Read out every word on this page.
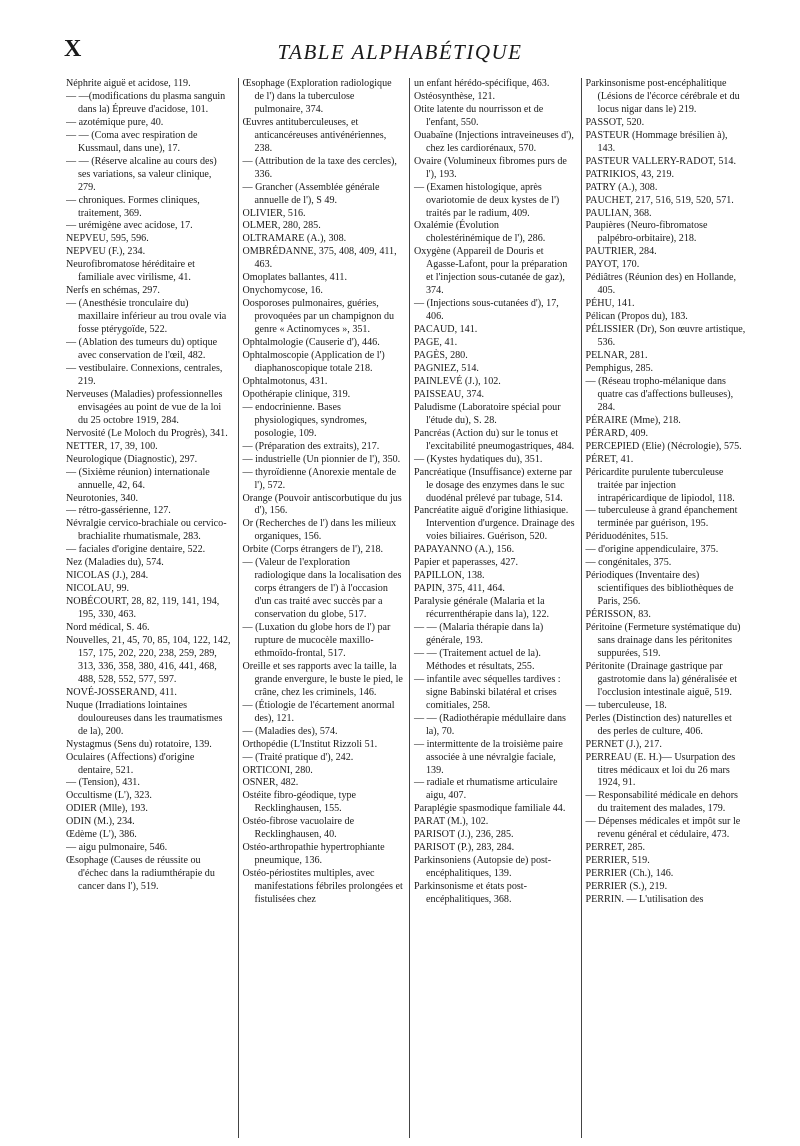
X	TABLE ALPHABÉTIQUE

Néphrite aiguë et acidose, 119.

— —(modifications du plasma sanguin dans la) Épreuve d'acidose, 101.

— azotémique pure, 40.

— — (Coma avec respiration de Kussmaul, dans une), 17.

— — (Réserve alcaline au cours des) ses variations, sa valeur clinique, 279.

— chroniques. Formes cliniques, traitement, 369.

— urémigène avec acidose, 17.

NEPVEU, 595, 596.

NEPVEU (F.), 234.

Neurofibromatose héréditaire et familiale avec virilisme, 41.

Nerfs en schémas, 297.

— (Anesthésie tronculaire du) maxillaire inférieur au trou ovale via fosse ptérygoïde, 522.

— (Ablation des tumeurs du) optique avec conservation de l'œil, 482.

— vestibulaire. Connexions, centrales, 219.

Nerveuses (Maladies) professionnelles envisagées au point de vue de la loi du 25 octobre 1919, 284.

Nervosité (Le Moloch du Progrès), 341.

NETTER, 17, 39, 100.

Neurologique (Diagnostic), 297.

— (Sixième réunion) internationale annuelle, 42, 64.

Neurotonies, 340.

— rétro-gassérienne, 127.

Névralgie cervico-brachiale ou cervico-brachialite rhumatismale, 283.

— faciales d'origine dentaire, 522.

Nez (Maladies du), 574.

NICOLAS (J.), 284.

NICOLAU, 99.

NOBÉCOURT, 28, 82, 119, 141, 194, 195, 330, 463.

Nord médical, S. 46.

Nouvelles, 21, 45, 70, 85, 104, 122, 142, 157, 175, 202, 220, 238, 259, 289, 313, 336, 358, 380, 416, 441, 468, 488, 528, 552, 577, 597.

NOVÉ-JOSSERAND, 411.

Nuque (Irradiations lointaines douloureuses dans les traumatismes de la), 200.

Nystagmus (Sens du) rotatoire, 139.

Oculaires (Affections) d'origine dentaire, 521.

— (Tension), 431.

Occultisme (L'), 323.

ODIER (Mlle), 193.

ODIN (M.), 234.

Œdème (L'), 386.

— aigu pulmonaire, 546.

Œsophage (Causes de réussite ou d'échec dans la radiumthérapie du cancer dans l'), 519.

Œsophage (Exploration radiologique de l') dans la tuberculose pulmonaire, 374.

Œuvres antituberculeuses, et anticancéreuses antivénériennes, 238.

— (Attribution de la taxe des cercles), 336.

— Grancher (Assemblée générale annuelle de l'), S 49.

OLIVIER, 516.

OLMER, 280, 285.

OLTRAMARE (A.), 308.

OMBRÉDANNE, 375, 408, 409, 411, 463.

Omoplates ballantes, 411.

Onychomycose, 16.

Oosporoses pulmonaires, guéries, provoquées par un champignon du genre « Actinomyces », 351.

Ophtalmologie (Causerie d'), 446.

Ophtalmoscopie (Application de l') diaphanoscopique totale 218.

Ophtalmotonus, 431.

Opothérapie clinique, 319.

— endocrinienne. Bases physiologiques, syndromes, posologie, 109.

— (Préparation des extraits), 217.

— industrielle (Un pionnier de l'), 350.

— thyroïdienne (Anorexie mentale de l'), 572.

Orange (Pouvoir antiscorbutique du jus d'), 156.

Or (Recherches de l') dans les milieux organiques, 156.

Orbite (Corps étrangers de l'), 218.

— (Valeur de l'exploration radiologique dans la localisation des corps étrangers de l') à l'occasion d'un cas traité avec succès par a conservation du globe, 517.

— (Luxation du globe hors de l') par rupture de mucocèle maxillo-ethmoïdo-frontal, 517.

Oreille et ses rapports avec la taille, la grande envergure, le buste le pied, le crâne, chez les criminels, 146.

— (Étiologie de l'écartement anormal des), 121.

— (Maladies des), 574.

Orthopédie (L'Institut Rizzoli 51.

— (Traité pratique d'), 242.

ORTICONI, 280.

OSNER, 482.

Ostéite fibro-géodique, type Recklinghausen, 155.

Ostéo-fibrose vacuolaire de Recklinghausen, 40.

Ostéo-arthropathie hypertrophiante pneumique, 136.

Ostéo-périostites multiples, avec manifestations fébriles prolongées et fistulisées chez

un enfant hérédo-spécifique, 463.

Ostéosynthèse, 121.

Otite latente du nourrisson et de l'enfant, 550.

Ouabaïne (Injections intraveineuses d'), chez les cardiorénaux, 570.

Ovaire (Volumineux fibromes purs de l'), 193.

— (Examen histologique, après ovariotomie de deux kystes de l') traités par le radium, 409.

Oxalémie (Évolution cholestérinémique de l'), 286.

Oxygène (Appareil de Douris et Agasse-Lafont, pour la préparation et l'injection sous-cutanée de gaz), 374.

— (Injections sous-cutanées d'), 17, 406.

PACAUD, 141.

PAGE, 41.

PAGÈS, 280.

PAGNIEZ, 514.

PAINLEVÉ (J.), 102.

PAISSEAU, 374.

Paludisme (Laboratoire spécial pour l'étude du), S. 28.

Pancréas (Action du) sur le tonus et l'excitabilité pneumogastriques, 484.

— (Kystes hydatiques du), 351.

Pancréatique (Insuffisance) externe par le dosage des enzymes dans le suc duodénal prélevé par tubage, 514.

Pancréatite aiguë d'origine lithiasique. Intervention d'urgence. Drainage des voies biliaires. Guérison, 520.

PAPAYANNO (A.), 156.

Papier et paperasses, 427.

PAPILLON, 138.

PAPIN, 375, 411, 464.

Paralysie générale (Malaria et la récurrenthérapie dans la), 122.

— — (Malaria thérapie dans la) générale, 193.

— — (Traitement actuel de la). Méthodes et résultats, 255.

— infantile avec séquelles tardives : signe Babinski bilatéral et crises comitiales, 258.

— — (Radiothérapie médullaire dans la), 70.

— intermittente de la troisième paire associée à une névralgie faciale, 139.

— radiale et rhumatisme articulaire aigu, 407.

Paraplégie spasmodique familiale 44.

PARAT (M.), 102.

PARISOT (J.), 236, 285.

PARISOT (P.), 283, 284.

Parkinsoniens (Autopsie de) post-encéphalitiques, 139.

Parkinsonisme et états post-encéphalitiques, 368.

Parkinsonisme post-encéphalitique (Lésions de l'écorce cérébrale et du locus nigar dans le) 219.

PASSOT, 520.

PASTEUR (Hommage brésilien à), 143.

PASTEUR VALLERY-RADOT, 514.

PATRIKIOS, 43, 219.

PATRY (A.), 308.

PAUCHET, 217, 516, 519, 520, 571.

PAULIAN, 368.

Paupières (Neuro-fibromatose palpébro-orbitaire), 218.

PAUTRIER, 284.

PAYOT, 170.

Pédiâtres (Réunion des) en Hollande, 405.

PÉHU, 141.

Pélican (Propos du), 183.

PÉLISSIER (Dr), Son œuvre artistique, 536.

PELNAR, 281.

Pemphigus, 285.

— (Réseau tropho-mélanique dans quatre cas d'affections bulleuses), 284.

PÉRAIRE (Mme), 218.

PÉRARD, 409.

PERCEPIED (Elie) (Nécrologie), 575.

PÉRET, 41.

Péricardite purulente tuberculeuse traitée par injection intrapéricardique de lipiodol, 118.

— tuberculeuse à grand épanchement terminée par guérison, 195.

Périduodénites, 515.

— d'origine appendiculaire, 375.

— congénitales, 375.

Périodiques (Inventaire des) scientifiques des bibliothèques de Paris, 256.

PÉRISSON, 83.

Péritoine (Fermeture systématique du) sans drainage dans les péritonites suppurées, 519.

Péritonite (Drainage gastrique par gastrotomie dans la) généralisée et l'occlusion intestinale aiguë, 519.

— tuberculeuse, 18.

Perles (Distinction des) naturelles et des perles de culture, 406.

PERNET (J.), 217.

PERREAU (E. H.)— Usurpation des titres médicaux et loi du 26 mars 1924, 91.

— Responsabilité médicale en dehors du traitement des malades, 179.

— Dépenses médicales et impôt sur le revenu général et cédulaire, 473.

PERRET, 285.

PERRIER, 519.

PERRIER (Ch.), 146.

PERRIER (S.), 219.

PERRIN. — L'utilisation des
